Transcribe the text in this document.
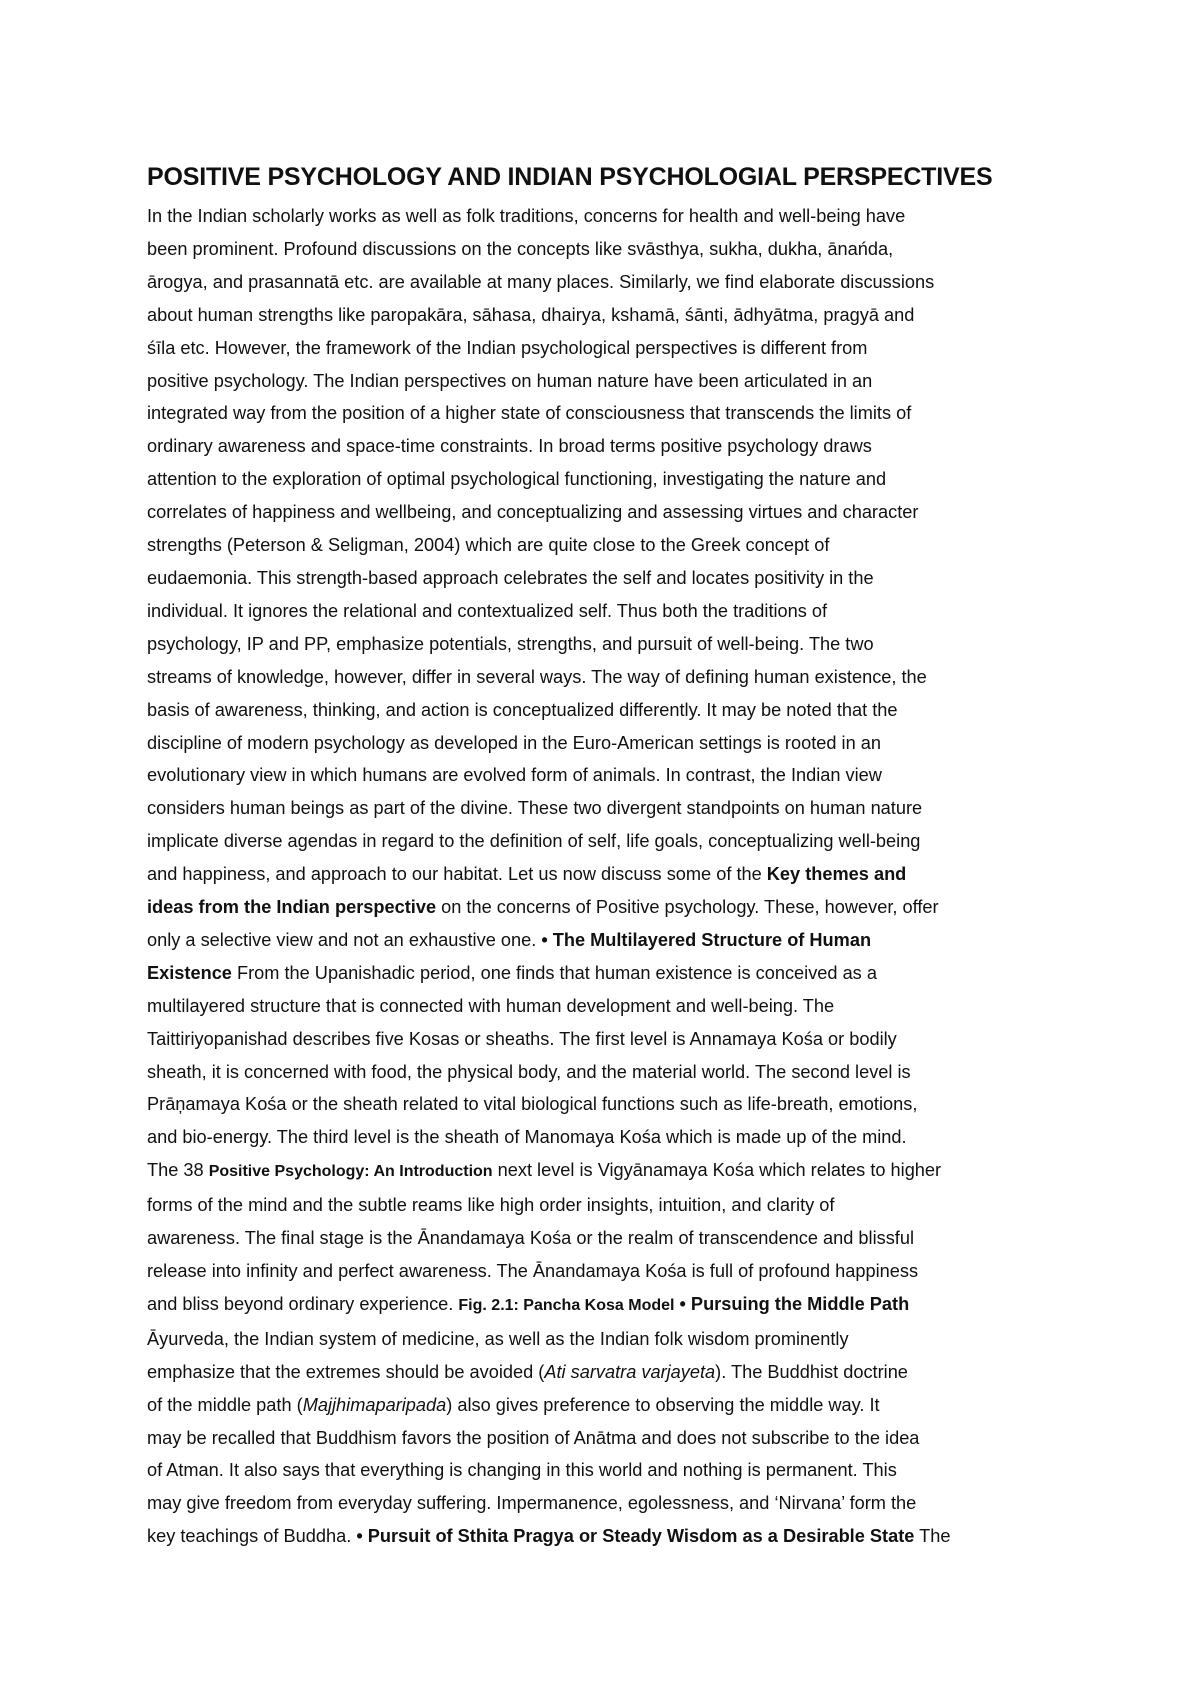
POSITIVE PSYCHOLOGY AND INDIAN PSYCHOLOGIAL PERSPECTIVES
In the Indian scholarly works as well as folk traditions, concerns for health and well-being have
been prominent. Profound discussions on the concepts like svāsthya, sukha, dukha, ānańda,
ārogya, and prasannatā etc. are available at many places. Similarly, we find elaborate discussions
about human strengths like paropakāra, sāhasa, dhairya, kshamā, śānti, ādhyātma, pragyā and
śīla etc. However, the framework of the Indian psychological perspectives is different from
positive psychology. The Indian perspectives on human nature have been articulated in an
integrated way from the position of a higher state of consciousness that transcends the limits of
ordinary awareness and space-time constraints. In broad terms positive psychology draws
attention to the exploration of optimal psychological functioning, investigating the nature and
correlates of happiness and wellbeing, and conceptualizing and assessing virtues and character
strengths (Peterson & Seligman, 2004) which are quite close to the Greek concept of
eudaemonia. This strength-based approach celebrates the self and locates positivity in the
individual. It ignores the relational and contextualized self. Thus both the traditions of
psychology, IP and PP, emphasize potentials, strengths, and pursuit of well-being. The two
streams of knowledge, however, differ in several ways. The way of defining human existence, the
basis of awareness, thinking, and action is conceptualized differently. It may be noted that the
discipline of modern psychology as developed in the Euro-American settings is rooted in an
evolutionary view in which humans are evolved form of animals. In contrast, the Indian view
considers human beings as part of the divine. These two divergent standpoints on human nature
implicate diverse agendas in regard to the definition of self, life goals, conceptualizing well-being
and happiness, and approach to our habitat. Let us now discuss some of the Key themes and
ideas from the Indian perspective on the concerns of Positive psychology. These, however, offer
only a selective view and not an exhaustive one. • The Multilayered Structure of Human
Existence From the Upanishadic period, one finds that human existence is conceived as a
multilayered structure that is connected with human development and well-being. The
Taittiriyopanishad describes five Kosas or sheaths. The first level is Annamaya Kośa or bodily
sheath, it is concerned with food, the physical body, and the material world. The second level is
Prāņamaya Kośa or the sheath related to vital biological functions such as life-breath, emotions,
and bio-energy. The third level is the sheath of Manomaya Kośa which is made up of the mind.
The 38 Positive Psychology: An Introduction next level is Vigyānamaya Kośa which relates to higher
forms of the mind and the subtle reams like high order insights, intuition, and clarity of
awareness. The final stage is the Ānandamaya Kośa or the realm of transcendence and blissful
release into infinity and perfect awareness. The Ānandamaya Kośa is full of profound happiness
and bliss beyond ordinary experience. Fig. 2.1: Pancha Kosa Model • Pursuing the Middle Path
Āyurveda, the Indian system of medicine, as well as the Indian folk wisdom prominently
emphasize that the extremes should be avoided (Ati sarvatra varjayeta). The Buddhist doctrine
of the middle path (Majjhimaparipada) also gives preference to observing the middle way. It
may be recalled that Buddhism favors the position of Anātma and does not subscribe to the idea
of Atman. It also says that everything is changing in this world and nothing is permanent. This
may give freedom from everyday suffering. Impermanence, egolessness, and ‘Nirvana’ form the
key teachings of Buddha. • Pursuit of Sthita Pragya or Steady Wisdom as a Desirable State The
